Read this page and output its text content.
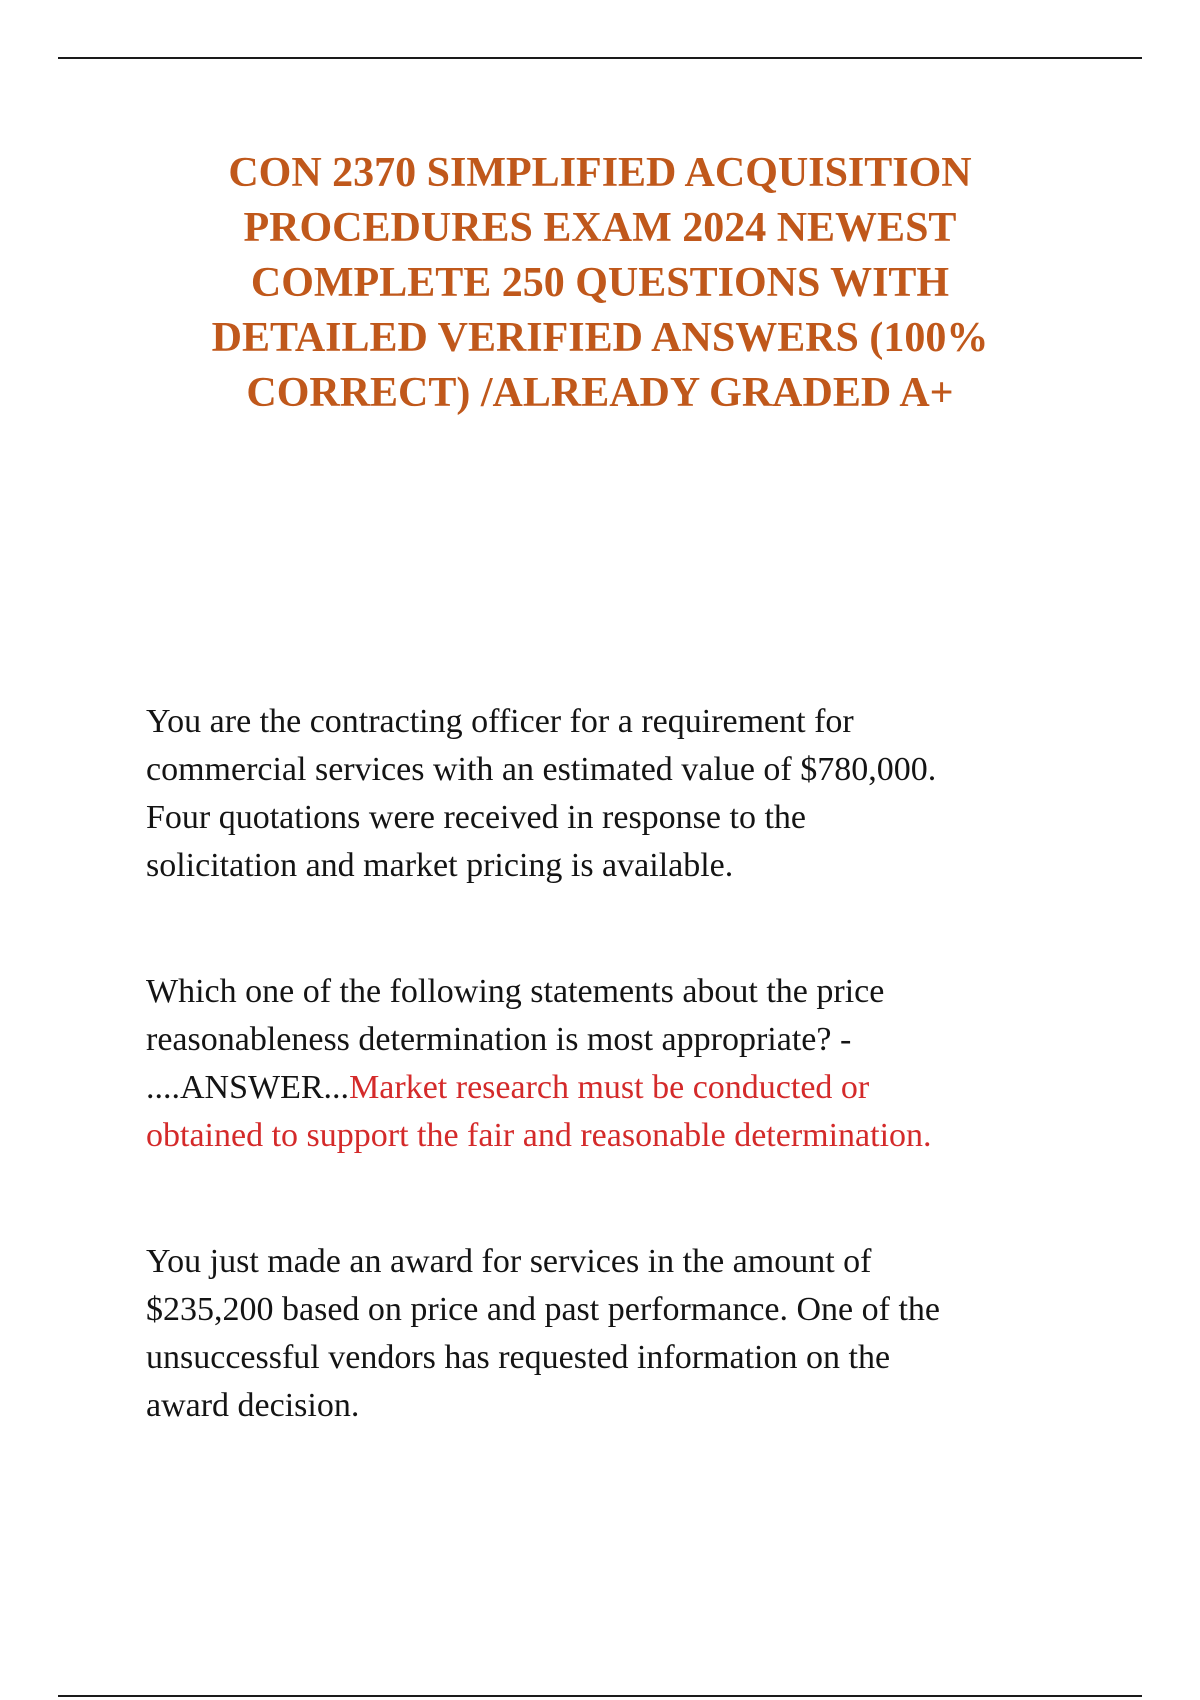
CON 2370 SIMPLIFIED ACQUISITION
PROCEDURES EXAM 2024 NEWEST
COMPLETE 250 QUESTIONS WITH
DETAILED VERIFIED ANSWERS (100%
CORRECT) /ALREADY GRADED A+

You are the contracting officer for a requirement for
commercial services with an estimated value of $780,000.
Four quotations were received in response to the
solicitation and market pricing is available.

Which one of the following statements about the price
reasonableness determination is most appropriate? -
....ANSWER...Market research must be conducted or
obtained to support the fair and reasonable determination.

You just made an award for services in the amount of
$235,200 based on price and past performance. One of the
unsuccessful vendors has requested information on the
award decision.
